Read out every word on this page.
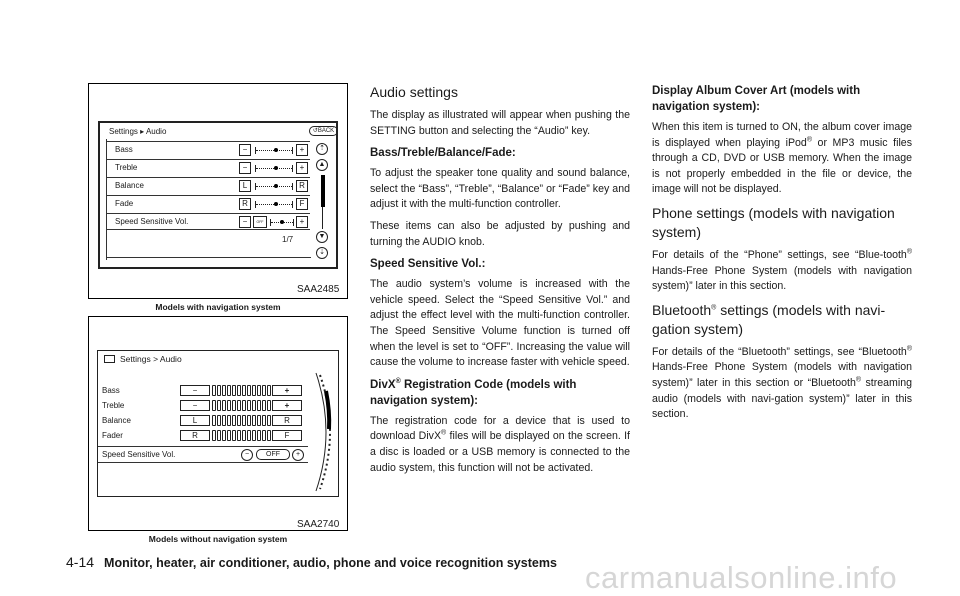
Settings ▸ Audio	↺BACK
Bass	−	+
Treble	−	+
Balance	L	R
Fade	R	F
Speed Sensitive Vol.	−	OFF	+
1/7
⇡
▲
▼
⇣
SAA2485
Models with navigation system
Settings > Audio
Bass	−	+
Treble	−	+
Balance	L	R
Fader	R	F
Speed Sensitive Vol.	−	OFF	+
SAA2740
Models without navigation system
Audio settings

The display as illustrated will appear when pushing the SETTING button and selecting the “Audio” key.

Bass/Treble/Balance/Fade:

To adjust the speaker tone quality and sound balance, select the “Bass”, “Treble”, “Balance” or “Fade” key and adjust it with the multi-function controller.

These items can also be adjusted by pushing and turning the AUDIO knob.

Speed Sensitive Vol.:

The audio system’s volume is increased with the vehicle speed. Select the “Speed Sensitive Vol.” and adjust the effect level with the multi-function controller. The Speed Sensitive Volume function is turned off when the level is set to “OFF”. Increasing the value will cause the volume to increase faster with vehicle speed.

DivX® Registration Code (models with navigation system):

The registration code for a device that is used to download DivX® files will be displayed on the screen. If a disc is loaded or a USB memory is connected to the audio system, this function will not be activated.

Display Album Cover Art (models with navigation system):

When this item is turned to ON, the album cover image is displayed when playing iPod® or MP3 music files through a CD, DVD or USB memory. When the image is not properly embedded in the file or device, the image will not be displayed.

Phone settings (models with navigation system)

For details of the “Phone” settings, see “Blue-tooth® Hands-Free Phone System (models with navigation system)” later in this section.

Bluetooth® settings (models with navi-gation system)

For details of the “Bluetooth” settings, see “Bluetooth® Hands-Free Phone System (models with navigation system)” later in this section or “Bluetooth® streaming audio (models with navi-gation system)” later in this section.

4-14 Monitor, heater, air conditioner, audio, phone and voice recognition systems carmanualsonline.info
